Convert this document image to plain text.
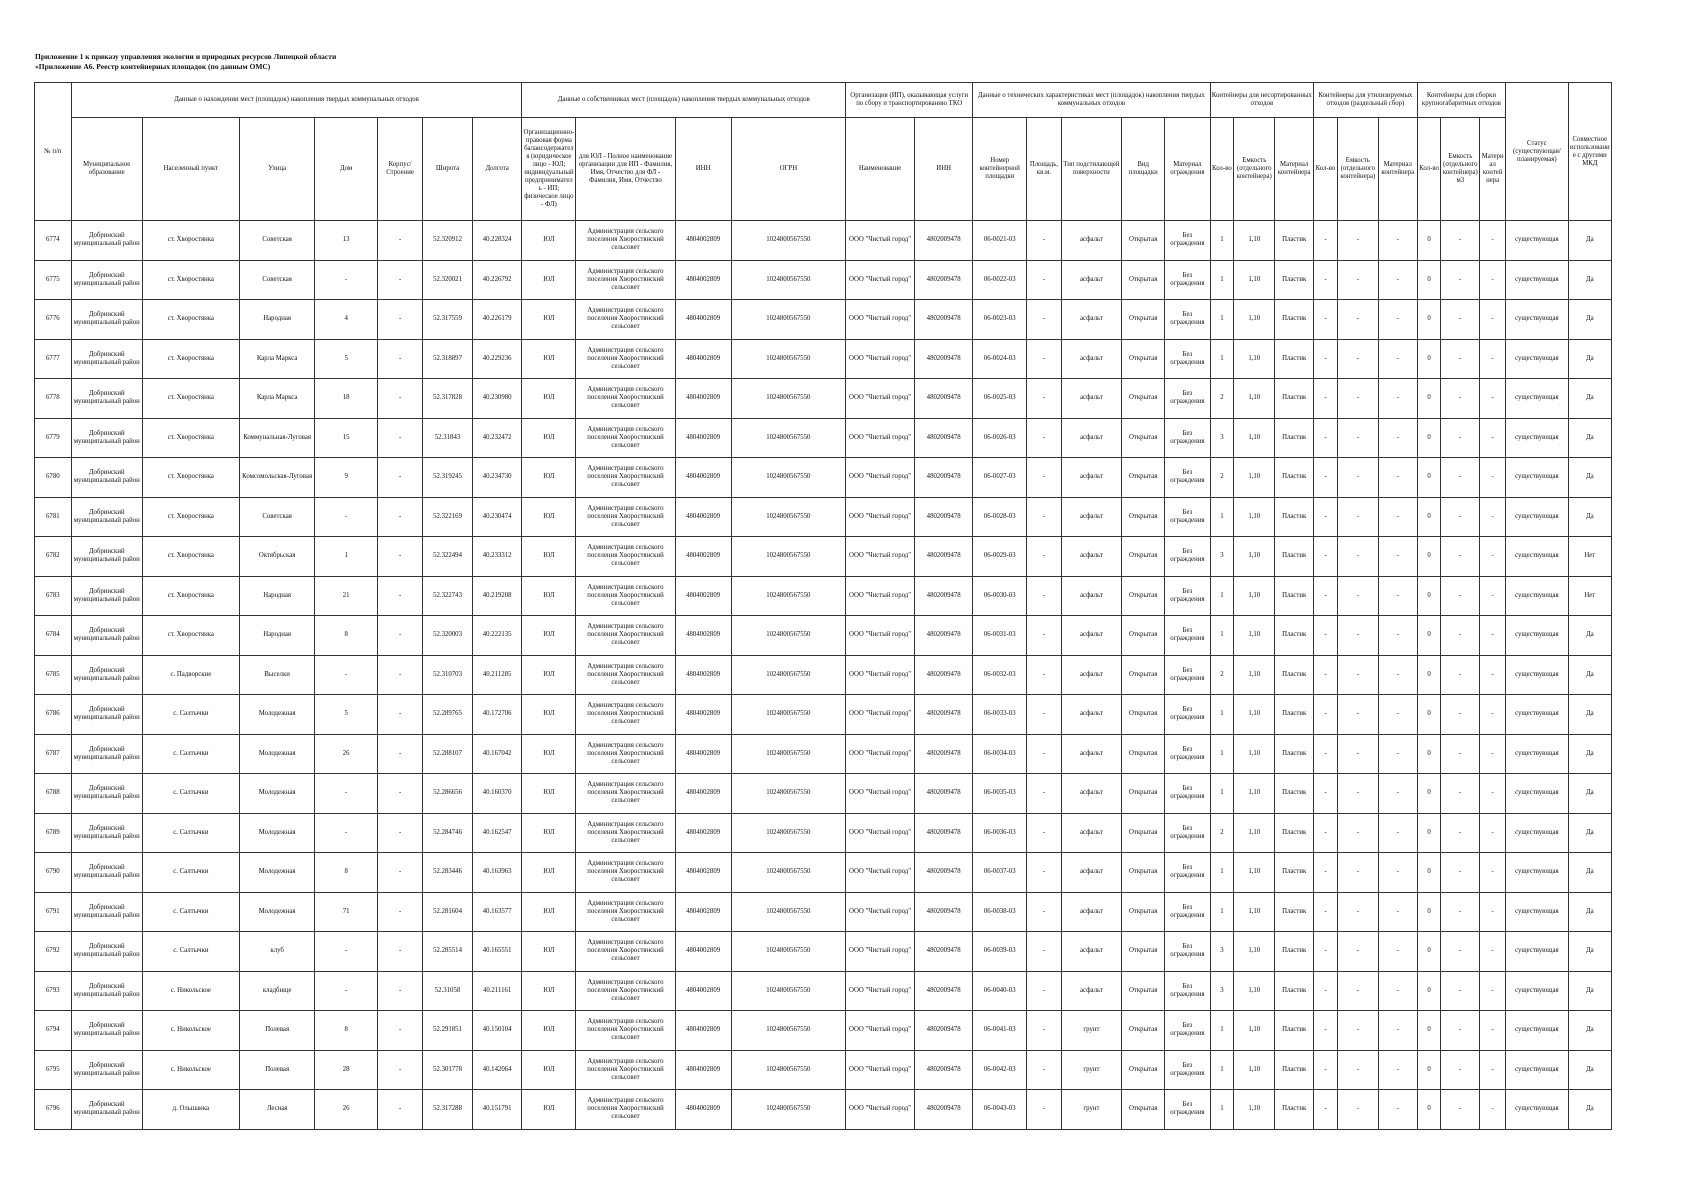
Приложение 1 к приказу управления экологии и природных ресурсов Липецкой области
«Приложение А6. Реестр контейнерных площадок (по данным ОМС)
№ п/п	Данные о нахождении мест (площадок) накопления твердых коммунальных отходов							Данные о собственниках мест (площадок) накопления твердых коммунальных отходов				Организация (ИП), оказывающая услуги по сбору и транспортированию ТКО		Данные о технических характеристиках мест (площадок) накопления твердых коммунальных отходов					Контейнеры для несортированных отходов			Контейнеры для утилизируемых отходов (раздельный сбор)			Контейнеры для сборки крупногабаритных отходов			Статус (существующая/планируемая)	Совместное использование с другими МКД
	Муниципальное образование	Населенный пункт	Улица	Дом	Корпус/Строение	Широта	Долгота	Организационно-правовая форма балансодержателя (юридическое лицо - ЮЛ; индивидуальный предприниматель - ИП; физическое лицо - ФЛ)	для ЮЛ - Полное наименование организации для ИП - Фамилия, Имя, Отчество для ФЛ - Фамилия, Имя, Отчество	ИНН	ОГРН	Наименование	ИНН	Номер контейнерной площадки	Площадь, кв.м.	Тип подстилающей поверхности	Вид площадки	Материал ограждения	Кол-во	Емкость (отдельного контейнера)	Материал контейнера	Кол-во	Емкость (отдельного контейнера)	Материал контейнера	Кол-во	Емкость (отдельного контейнера) м3	Материал контейнера		
6774	Добринский муниципальный район	ст. Хворостянка	Советская	13	-	52.320912	40.228324	ЮЛ	Администрация сельского поселения Хворостянский сельсовет	4804002809	1024800567550	ООО "Чистый город"	4802009478	06-0021-03	-	асфальт	Открытая	Без ограждения	1	1,10	Пластик	-	-	-	0	-	-	существующая	Да
6775	Добринский муниципальный район	ст. Хворостянка	Советская	-	-	52.320021	40.226792	ЮЛ	Администрация сельского поселения Хворостянский сельсовет	4804002809	1024800567550	ООО "Чистый город"	4802009478	06-0022-03	-	асфальт	Открытая	Без ограждения	1	1,10	Пластик	-	-	-	0	-	-	существующая	Да
6776	Добринский муниципальный район	ст. Хворостянка	Народная	4	-	52.317559	40.226179	ЮЛ	Администрация сельского поселения Хворостянский сельсовет	4804002809	1024800567550	ООО "Чистый город"	4802009478	06-0023-03	-	асфальт	Открытая	Без ограждения	1	1,10	Пластик	-	-	-	0	-	-	существующая	Да
6777	Добринский муниципальный район	ст. Хворостянка	Карла Маркса	5	-	52.318897	40.229236	ЮЛ	Администрация сельского поселения Хворостянский сельсовет	4804002809	1024800567550	ООО "Чистый город"	4802009478	06-0024-03	-	асфальт	Открытая	Без ограждения	1	1,10	Пластик	-	-	-	0	-	-	существующая	Да
6778	Добринский муниципальный район	ст. Хворостянка	Карла Маркса	18	-	52.317828	40.230980	ЮЛ	Администрация сельского поселения Хворостянский сельсовет	4804002809	1024800567550	ООО "Чистый город"	4802009478	06-0025-03	-	асфальт	Открытая	Без ограждения	2	1,10	Пластик	-	-	-	0	-	-	существующая	Да
6779	Добринский муниципальный район	ст. Хворостянка	Коммунальная-Луговая	15	-	52.31843	40.232472	ЮЛ	Администрация сельского поселения Хворостянский сельсовет	4804002809	1024800567550	ООО "Чистый город"	4802009478	06-0026-03	-	асфальт	Открытая	Без ограждения	3	1,10	Пластик	-	-	-	0	-	-	существующая	Да
6780	Добринский муниципальный район	ст. Хворостянка	Комсомольская-Луговая	9	-	52.319245	40.234730	ЮЛ	Администрация сельского поселения Хворостянский сельсовет	4804002809	1024800567550	ООО "Чистый город"	4802009478	06-0027-03	-	асфальт	Открытая	Без ограждения	2	1,10	Пластик	-	-	-	0	-	-	существующая	Да
6781	Добринский муниципальный район	ст. Хворостянка	Советская	-	-	52.322169	40.230474	ЮЛ	Администрация сельского поселения Хворостянский сельсовет	4804002809	1024800567550	ООО "Чистый город"	4802009478	06-0028-03	-	асфальт	Открытая	Без ограждения	1	1,10	Пластик	-	-	-	0	-	-	существующая	Да
6782	Добринский муниципальный район	ст. Хворостянка	Октябрьская	1	-	52.322494	40.233312	ЮЛ	Администрация сельского поселения Хворостянский сельсовет	4804002809	1024800567550	ООО "Чистый город"	4802009478	06-0029-03	-	асфальт	Открытая	Без ограждения	3	1,10	Пластик	-	-	-	0	-	-	существующая	Нет
6783	Добринский муниципальный район	ст. Хворостянка	Народная	21	-	52.322743	40.219208	ЮЛ	Администрация сельского поселения Хворостянский сельсовет	4804002809	1024800567550	ООО "Чистый город"	4802009478	06-0030-03	-	асфальт	Открытая	Без ограждения	1	1,10	Пластик	-	-	-	0	-	-	существующая	Нет
6784	Добринский муниципальный район	ст. Хворостянка	Народная	8	-	52.320003	40.222135	ЮЛ	Администрация сельского поселения Хворостянский сельсовет	4804002809	1024800567550	ООО "Чистый город"	4802009478	06-0031-03	-	асфальт	Открытая	Без ограждения	1	1,10	Пластик	-	-	-	0	-	-	существующая	Да
6785	Добринский муниципальный район	с. Падворские	Выселки	-	-	52.310703	40.211285	ЮЛ	Администрация сельского поселения Хворостянский сельсовет	4804002809	1024800567550	ООО "Чистый город"	4802009478	06-0032-03	-	асфальт	Открытая	Без ограждения	2	1,10	Пластик	-	-	-	0	-	-	существующая	Да
6786	Добринский муниципальный район	с. Салтычки	Молодежная	5	-	52.289765	40.172706	ЮЛ	Администрация сельского поселения Хворостянский сельсовет	4804002809	1024800567550	ООО "Чистый город"	4802009478	06-0033-03	-	асфальт	Открытая	Без ограждения	1	1,10	Пластик	-	-	-	0	-	-	существующая	Да
6787	Добринский муниципальный район	с. Салтычки	Молодежная	26	-	52.288107	40.167042	ЮЛ	Администрация сельского поселения Хворостянский сельсовет	4804002809	1024800567550	ООО "Чистый город"	4802009478	06-0034-03	-	асфальт	Открытая	Без ограждения	1	1,10	Пластик	-	-	-	0	-	-	существующая	Да
6788	Добринский муниципальный район	с. Салтычки	Молодежная	-	-	52.286656	40.160370	ЮЛ	Администрация сельского поселения Хворостянский сельсовет	4804002809	1024800567550	ООО "Чистый город"	4802009478	06-0035-03	-	асфальт	Открытая	Без ограждения	1	1,10	Пластик	-	-	-	0	-	-	существующая	Да
6789	Добринский муниципальный район	с. Салтычки	Молодежная	-	-	52.284746	40.162547	ЮЛ	Администрация сельского поселения Хворостянский сельсовет	4804002809	1024800567550	ООО "Чистый город"	4802009478	06-0036-03	-	асфальт	Открытая	Без ограждения	2	1,10	Пластик	-	-	-	0	-	-	существующая	Да
6790	Добринский муниципальный район	с. Салтычки	Молодежная	8	-	52.283446	40.163963	ЮЛ	Администрация сельского поселения Хворостянский сельсовет	4804002809	1024800567550	ООО "Чистый город"	4802009478	06-0037-03	-	асфальт	Открытая	Без ограждения	1	1,10	Пластик	-	-	-	0	-	-	существующая	Да
6791	Добринский муниципальный район	с. Салтычки	Молодежная	71	-	52.281604	40.163577	ЮЛ	Администрация сельского поселения Хворостянский сельсовет	4804002809	1024800567550	ООО "Чистый город"	4802009478	06-0038-03	-	асфальт	Открытая	Без ограждения	1	1,10	Пластик	-	-	-	0	-	-	существующая	Да
6792	Добринский муниципальный район	с. Салтычки	клуб	-	-	52.285514	40.165551	ЮЛ	Администрация сельского поселения Хворостянский сельсовет	4804002809	1024800567550	ООО "Чистый город"	4802009478	06-0039-03	-	асфальт	Открытая	Без ограждения	3	1,10	Пластик	-	-	-	0	-	-	существующая	Да
6793	Добринский муниципальный район	с. Никольское	кладбище	-	-	52.31058	40.211161	ЮЛ	Администрация сельского поселения Хворостянский сельсовет	4804002809	1024800567550	ООО "Чистый город"	4802009478	06-0040-03	-	асфальт	Открытая	Без ограждения	3	1,10	Пластик	-	-	-	0	-	-	существующая	Да
6794	Добринский муниципальный район	с. Никольское	Полевая	8	-	52.291851	40.150104	ЮЛ	Администрация сельского поселения Хворостянский сельсовет	4804002809	1024800567550	ООО "Чистый город"	4802009478	06-0041-03	-	грунт	Открытая	Без ограждения	1	1,10	Пластик	-	-	-	0	-	-	существующая	Да
6795	Добринский муниципальный район	с. Никольское	Полевая	28	-	52.301778	40.142064	ЮЛ	Администрация сельского поселения Хворостянский сельсовет	4804002809	1024800567550	ООО "Чистый город"	4802009478	06-0042-03	-	грунт	Открытая	Без ограждения	1	1,10	Пластик	-	-	-	0	-	-	существующая	Да
6796	Добринский муниципальный район	д. Ольшанка	Лесная	26	-	52.317288	40.151791	ЮЛ	Администрация сельского поселения Хворостянский сельсовет	4804002809	1024800567550	ООО "Чистый город"	4802009478	06-0043-03	-	грунт	Открытая	Без ограждения	1	1,10	Пластик	-	-	-	0	-	-	существующая	Да
